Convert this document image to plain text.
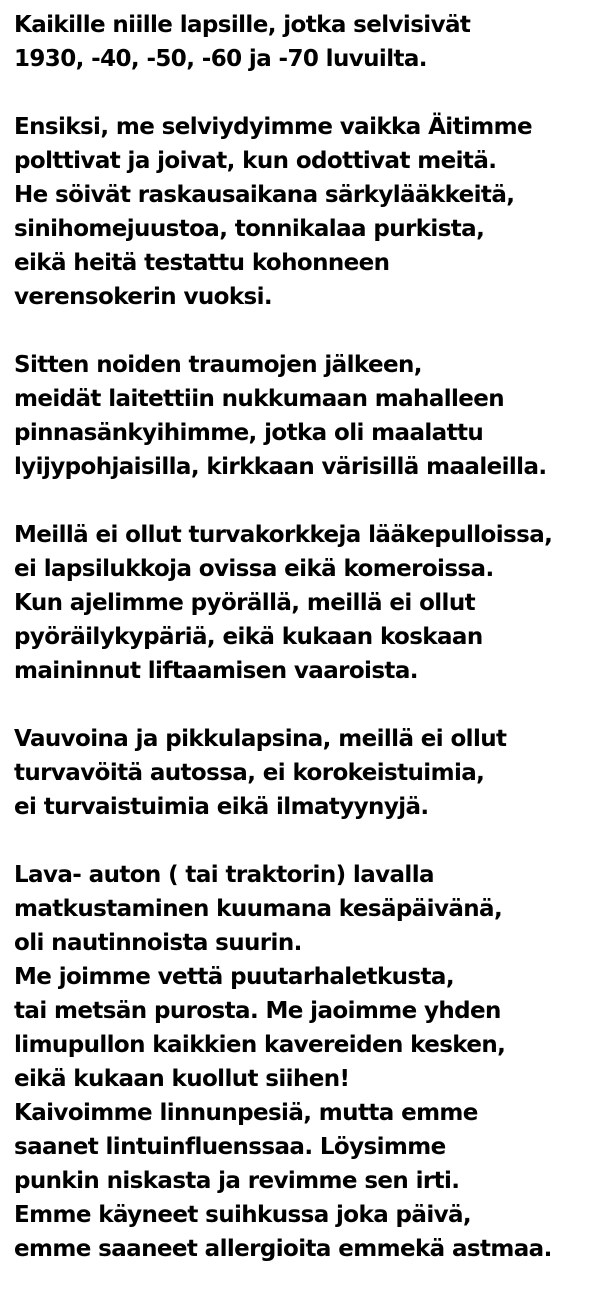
Kaikille niille lapsille, jotka selvisivät
1930, -40, -50, -60 ja -70 luvuilta.
Ensiksi, me selviydyimme vaikka Äitimme
polttivat ja joivat, kun odottivat meitä.
He söivät raskausaikana särkylääkkeitä,
sinihomejuustoa, tonnikalaa purkista,
eikä heitä testattu kohonneen
verensokerin vuoksi.
Sitten noiden traumojen jälkeen,
meidät laitettiin nukkumaan mahalleen
pinnasänkyihimme, jotka oli maalattu
lyijypohjaisilla, kirkkaan värisillä maaleilla.
Meillä ei ollut turvakorkkeja lääkepulloissa,
ei lapsilukkoja ovissa eikä komeroissa.
Kun ajelimme pyörällä, meillä ei ollut
pyöräilykypäriä, eikä kukaan koskaan
maininnut liftaamisen vaaroista.
Vauvoina ja pikkulapsina, meillä ei ollut
turvavöitä autossa, ei korokeistuimia,
ei turvaistuimia eikä ilmatyynyjä.
Lava- auton ( tai traktorin) lavalla
matkustaminen kuumana kesäpäivänä,
oli nautinnoista suurin.
Me joimme vettä puutarhaletkusta,
tai metsän purosta. Me jaoimme yhden
limupullon kaikkien kavereiden kesken,
eikä kukaan kuollut siihen!
Kaivoimme linnunpesiä, mutta emme
saanet lintuinfluenssaa. Löysimme
punkin niskasta ja revimme sen irti.
Emme käyneet suihkussa joka päivä,
emme saaneet allergioita emmekä astmaa.
